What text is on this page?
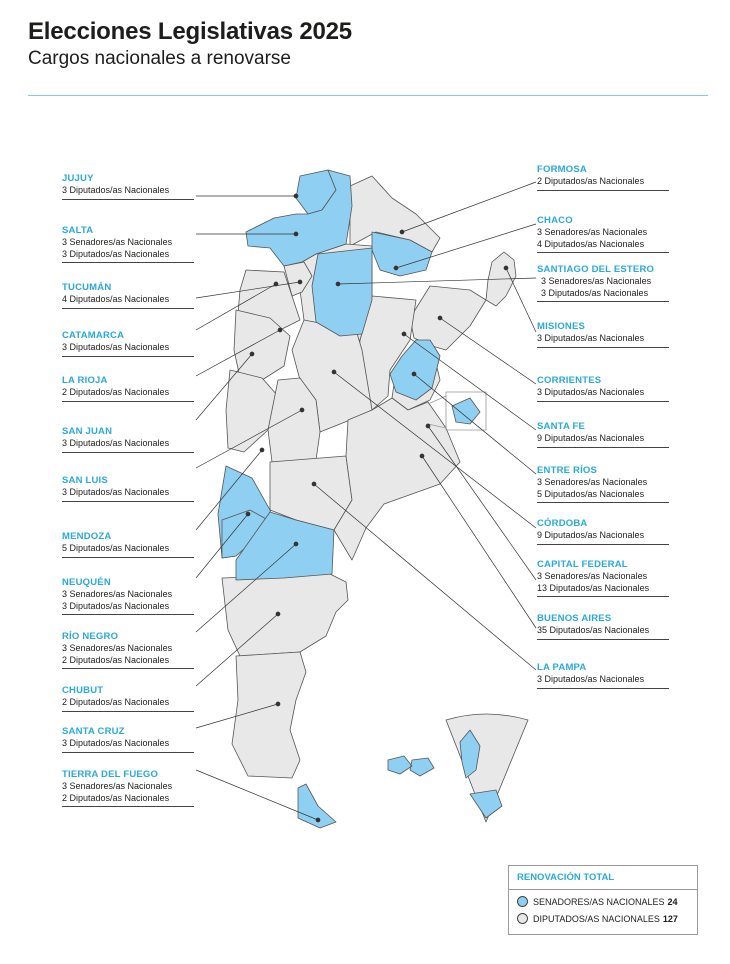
Elecciones Legislativas 2025
Cargos nacionales a renovarse
JUJUY
3 Diputados/as Nacionales
SALTA
3 Senadores/as Nacionales
3 Diputados/as Nacionales
TUCUMÁN
4 Diputados/as Nacionales
CATAMARCA
3 Diputados/as Nacionales
LA RIOJA
2 Diputados/as Nacionales
SAN JUAN
3 Diputados/as Nacionales
SAN LUIS
3 Diputados/as Nacionales
MENDOZA
5 Diputados/as Nacionales
NEUQUÉN
3 Senadores/as Nacionales
3 Diputados/as Nacionales
RÍO NEGRO
3 Senadores/as Nacionales
2 Diputados/as Nacionales
CHUBUT
2 Diputados/as Nacionales
SANTA CRUZ
3 Diputados/as Nacionales
TIERRA DEL FUEGO
3 Senadores/as Nacionales
2 Diputados/as Nacionales
FORMOSA
2 Diputados/as Nacionales
CHACO
3 Senadores/as Nacionales
4 Diputados/as Nacionales
SANTIAGO DEL ESTERO
3 Senadores/as Nacionales
3 Diputados/as Nacionales
MISIONES
3 Diputados/as Nacionales
CORRIENTES
3 Diputados/as Nacionales
SANTA FE
9 Diputados/as Nacionales
ENTRE RÍOS
3 Senadores/as Nacionales
5 Diputados/as Nacionales
CÓRDOBA
9 Diputados/as Nacionales
CAPITAL FEDERAL
3 Senadores/as Nacionales
13 Diputados/as Nacionales
BUENOS AIRES
35 Diputados/as Nacionales
LA PAMPA
3 Diputados/as Nacionales
RENOVACIÓN TOTAL
SENADORES/AS NACIONALES 24
DIPUTADOS/AS NACIONALES 127
